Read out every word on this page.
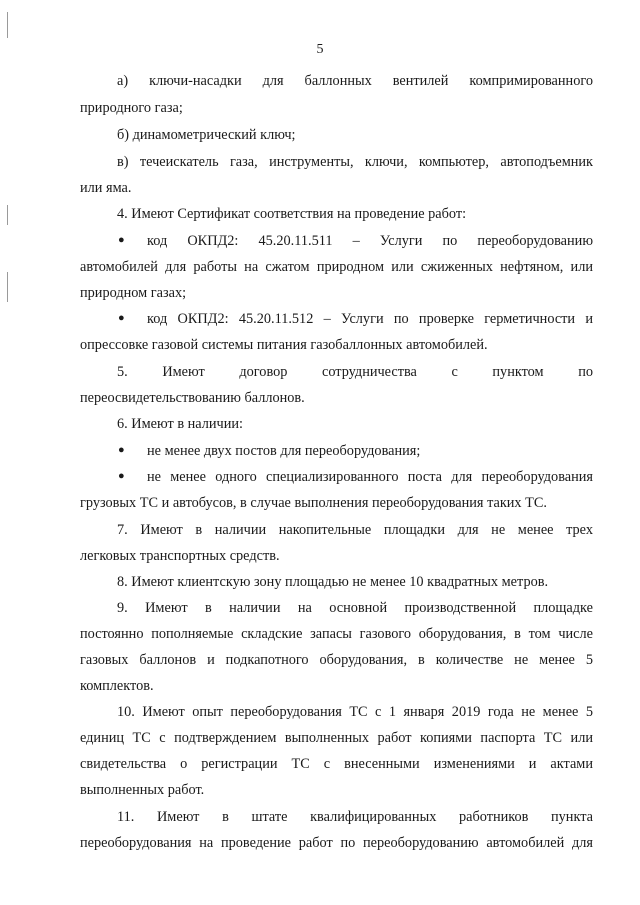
5
а) ключи-насадки для баллонных вентилей компримированного
природного газа;
б) динамометрический ключ;
в) течеискатель газа, инструменты, ключи, компьютер, автоподъемник
или яма.
4. Имеют Сертификат соответствия на проведение работ:
● код ОКПД2: 45.20.11.511 – Услуги по переоборудованию
автомобилей для работы на сжатом природном или сжиженных нефтяном, или
природном газах;
● код ОКПД2: 45.20.11.512 – Услуги по проверке герметичности и
опрессовке газовой системы питания газобаллонных автомобилей.
5. Имеют договор сотрудничества с пунктом по
переосвидетельствованию баллонов.
6. Имеют в наличии:
● не менее двух постов для переоборудования;
● не менее одного специализированного поста для переоборудования
грузовых ТС и автобусов, в случае выполнения переоборудования таких ТС.
7. Имеют в наличии накопительные площадки для не менее трех
легковых транспортных средств.
8. Имеют клиентскую зону площадью не менее 10 квадратных метров.
9. Имеют в наличии на основной производственной площадке
постоянно пополняемые складские запасы газового оборудования, в том числе
газовых баллонов и подкапотного оборудования, в количестве не менее 5
комплектов.
10. Имеют опыт переоборудования ТС с 1 января 2019 года не менее 5
единиц ТС с подтверждением выполненных работ копиями паспорта ТС или
свидетельства о регистрации ТС с внесенными изменениями и актами
выполненных работ.
11. Имеют в штате квалифицированных работников пункта
переоборудования на проведение работ по переоборудованию автомобилей для
